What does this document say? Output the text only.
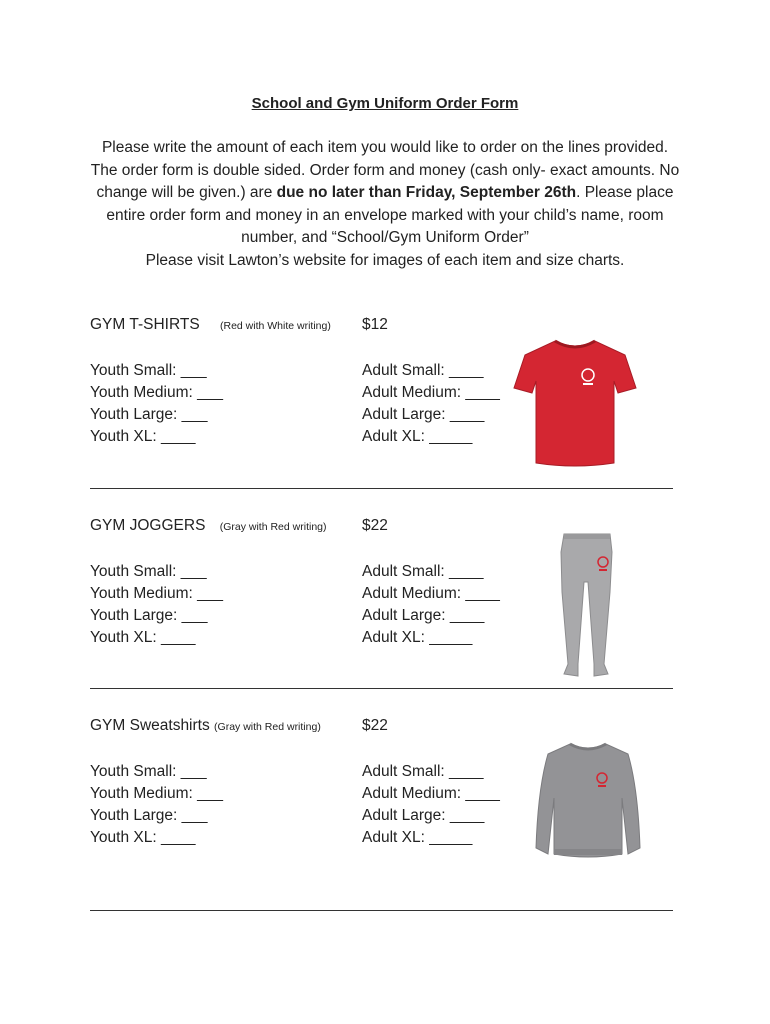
School and Gym Uniform Order Form
Please write the amount of each item you would like to order on the lines provided. The order form is double sided. Order form and money (cash only- exact amounts. No change will be given.) are due no later than Friday, September 26th. Please place entire order form and money in an envelope marked with your child’s name, room number, and “School/Gym Uniform Order”
Please visit Lawton’s website for images of each item and size charts.
GYM T-SHIRTS (Red with White writing) $12
Youth Small: ___
Youth Medium: ___
Youth Large: ___
Youth XL: ____
Adult Small: ____
Adult Medium: ____
Adult Large: ____
Adult XL: _____
GYM JOGGERS (Gray with Red writing) $22
Youth Small: ___
Youth Medium: ___
Youth Large: ___
Youth XL: ____
Adult Small: ____
Adult Medium: ____
Adult Large: ____
Adult XL: _____
GYM Sweatshirts (Gray with Red writing)	$22
Youth Small: ___
Youth Medium: ___
Youth Large: ___
Youth XL: ____
Adult Small: ____
Adult Medium: ____
Adult Large: ____
Adult XL: _____
